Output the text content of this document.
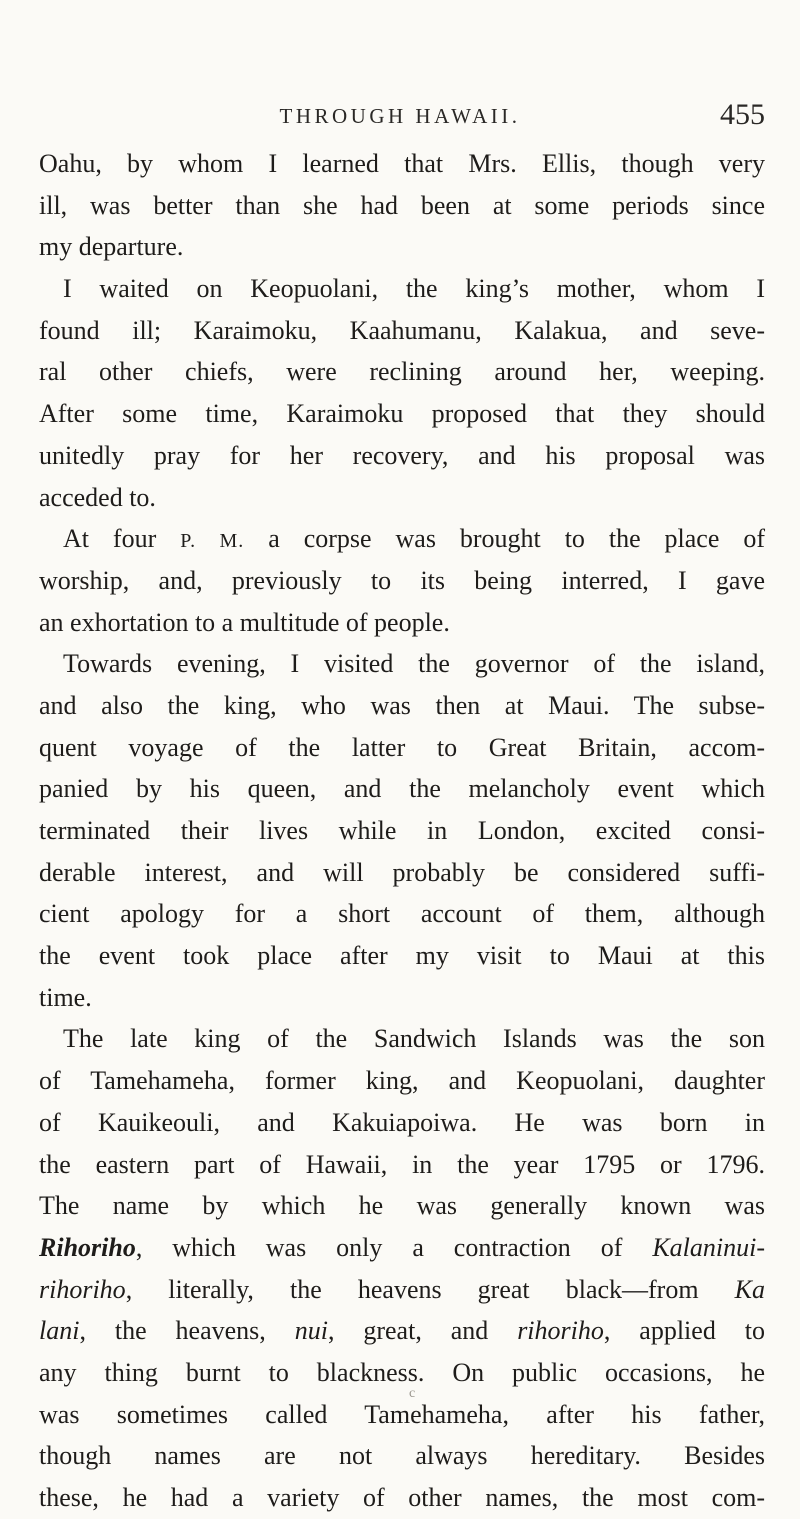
THROUGH HAWAII.	455
Oahu, by whom I learned that Mrs. Ellis, though very
ill, was better than she had been at some periods since
my departure.
I waited on Keopuolani, the king’s mother, whom I
found ill; Karaimoku, Kaahumanu, Kalakua, and seve-
ral other chiefs, were reclining around her, weeping.
After some time, Karaimoku proposed that they should
unitedly pray for her recovery, and his proposal was
acceded to.
At four P. M. a corpse was brought to the place of
worship, and, previously to its being interred, I gave
an exhortation to a multitude of people.
Towards evening, I visited the governor of the island,
and also the king, who was then at Maui. The subse-
quent voyage of the latter to Great Britain, accom-
panied by his queen, and the melancholy event which
terminated their lives while in London, excited consi-
derable interest, and will probably be considered suffi-
cient apology for a short account of them, although
the event took place after my visit to Maui at this
time.
The late king of the Sandwich Islands was the son
of Tamehameha, former king, and Keopuolani, daughter
of Kauikeouli, and Kakuiapoiwa. He was born in
the eastern part of Hawaii, in the year 1795 or 1796.
The name by which he was generally known was
Rihoriho, which was only a contraction of Kalaninui-
rihoriho, literally, the heavens great black—from Ka
lani, the heavens, nui, great, and rihoriho, applied to
any thing burnt to blackness. On public occasions, he
was sometimes called Tamehameha, after his father,
though names are not always hereditary. Besides
these, he had a variety of other names, the most com-
c
